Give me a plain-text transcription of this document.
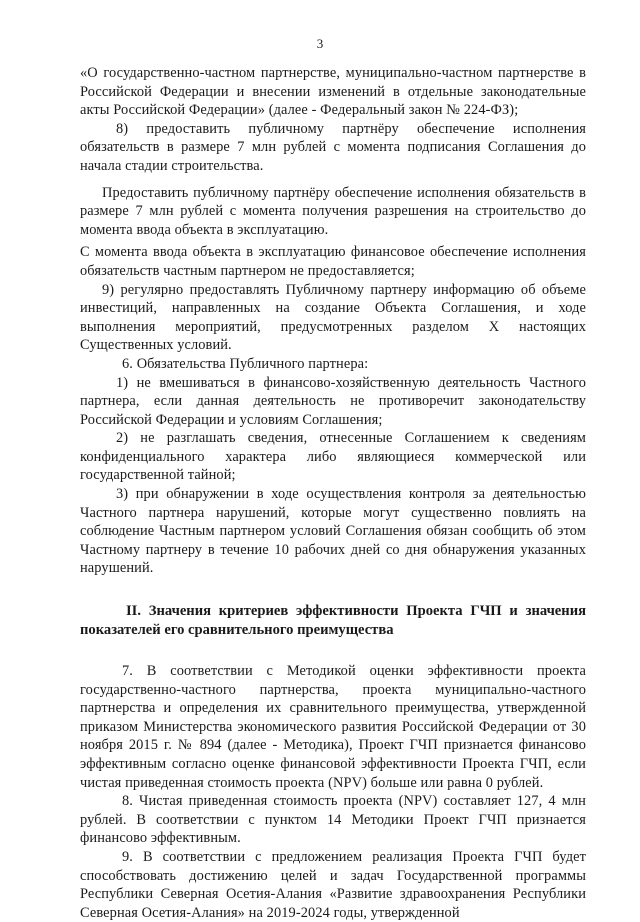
3

«О государственно-частном партнерстве, муниципально-частном партнерстве в Российской Федерации и внесении изменений в отдельные законодательные акты Российской Федерации» (далее - Федеральный закон № 224-ФЗ);

8) предоставить публичному партнёру обеспечение исполнения обязательств в размере 7 млн рублей с момента подписания Соглашения до начала стадии строительства.

Предоставить публичному партнёру обеспечение исполнения обязательств в размере 7 млн рублей с момента получения разрешения на строительство до момента ввода объекта в эксплуатацию.

С момента ввода объекта в эксплуатацию финансовое обеспечение исполнения обязательств частным партнером не предоставляется;

9) регулярно предоставлять Публичному партнеру информацию об объеме инвестиций, направленных на создание Объекта Соглашения, и ходе выполнения мероприятий, предусмотренных разделом X настоящих Существенных условий.

6. Обязательства Публичного партнера:

1) не вмешиваться в финансово-хозяйственную деятельность Частного партнера, если данная деятельность не противоречит законодательству Российской Федерации и условиям Соглашения;

2) не разглашать сведения, отнесенные Соглашением к сведениям конфиденциального характера либо являющиеся коммерческой или государственной тайной;

3) при обнаружении в ходе осуществления контроля за деятельностью Частного партнера нарушений, которые могут существенно повлиять на соблюдение Частным партнером условий Соглашения обязан сообщить об этом Частному партнеру в течение 10 рабочих дней со дня обнаружения указанных нарушений.

II. Значения критериев эффективности Проекта ГЧП и значения показателей его сравнительного преимущества

7. В соответствии с Методикой оценки эффективности проекта государственно-частного партнерства, проекта муниципально-частного партнерства и определения их сравнительного преимущества, утвержденной приказом Министерства экономического развития Российской Федерации от 30 ноября 2015 г. № 894 (далее - Методика), Проект ГЧП признается финансово эффективным согласно оценке финансовой эффективности Проекта ГЧП, если чистая приведенная стоимость проекта (NPV) больше или равна 0 рублей.

8. Чистая приведенная стоимость проекта (NPV) составляет 127, 4 млн рублей. В соответствии с пунктом 14 Методики Проект ГЧП признается финансово эффективным.

9. В соответствии с предложением реализация Проекта ГЧП будет способствовать достижению целей и задач Государственной программы Республики Северная Осетия-Алания «Развитие здравоохранения Республики Северная Осетия-Алания» на 2019-2024 годы, утвержденной
